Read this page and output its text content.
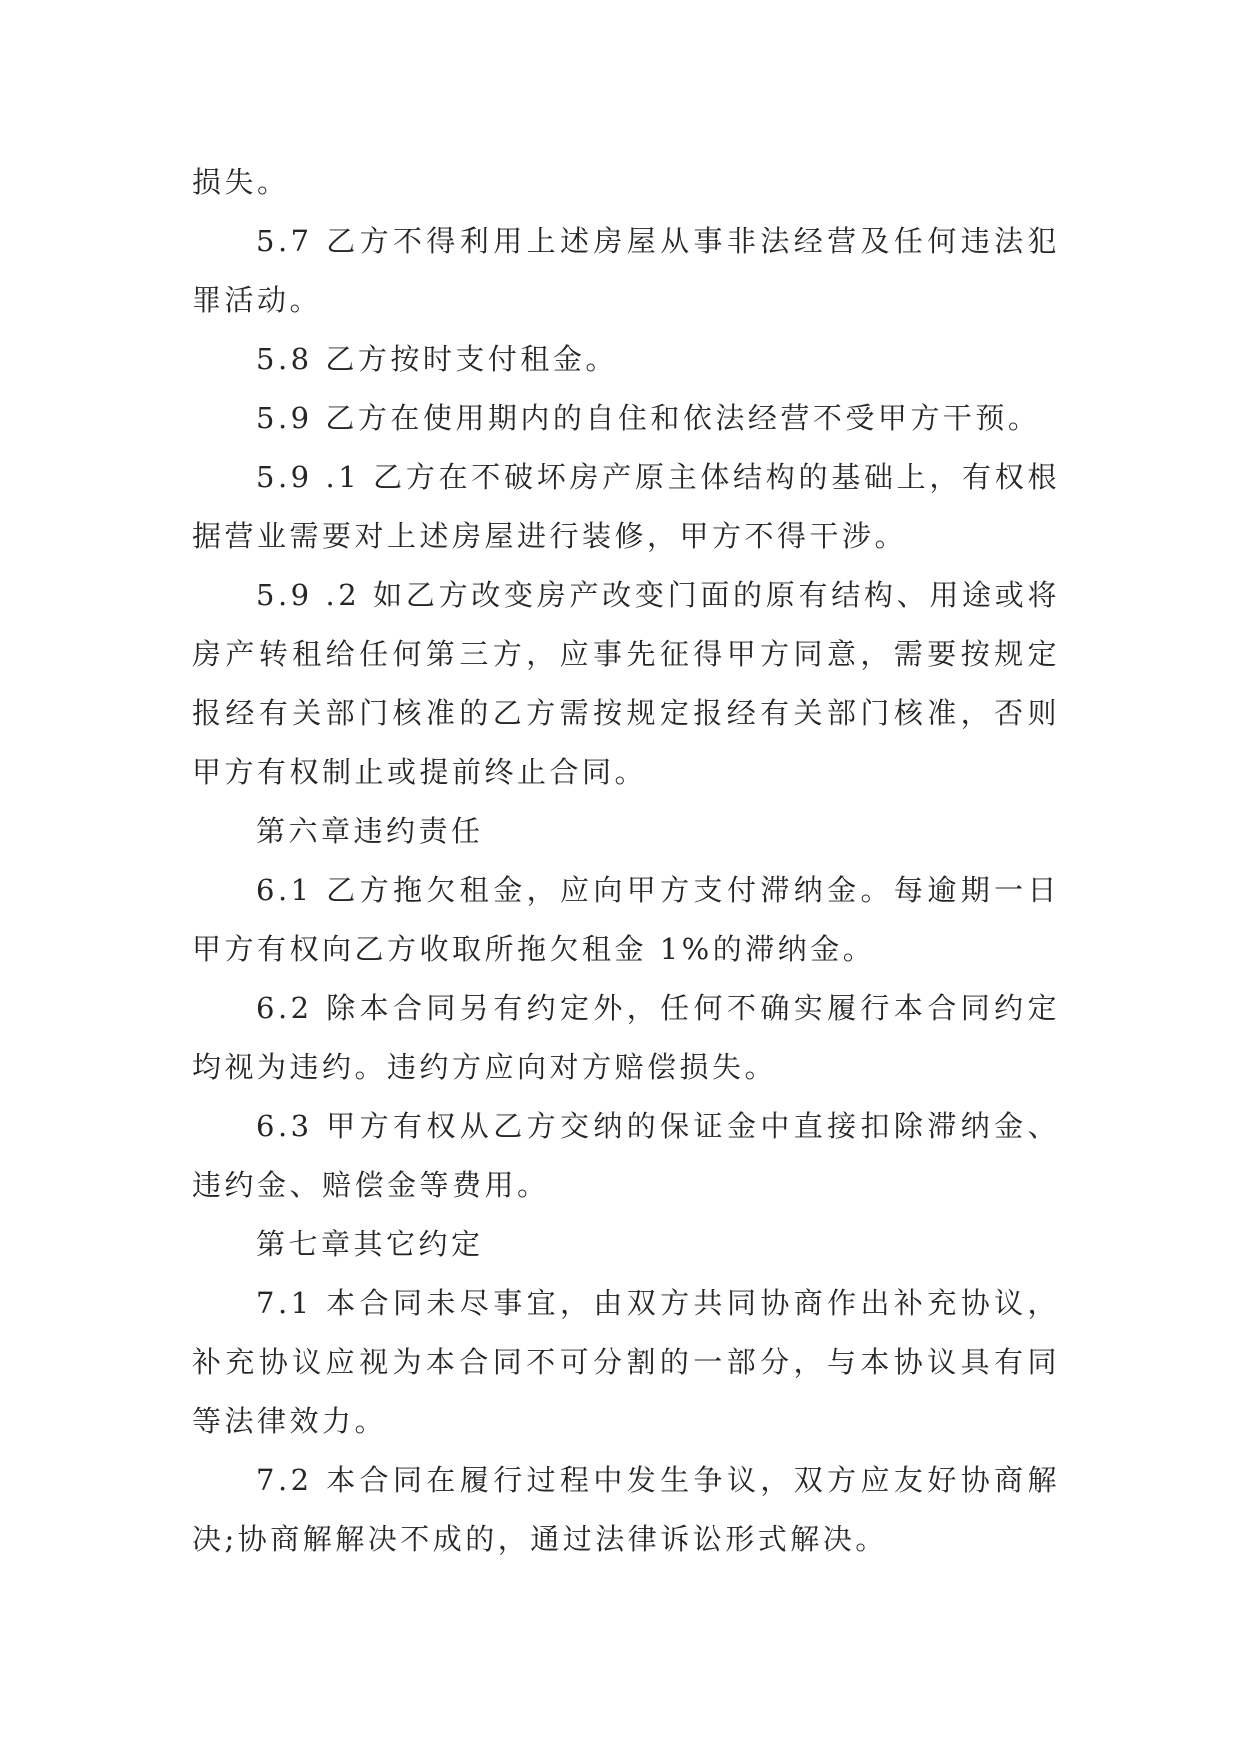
损失。

5.7 乙方不得利用上述房屋从事非法经营及任何违法犯罪活动。

5.8 乙方按时支付租金。

5.9 乙方在使用期内的自住和依法经营不受甲方干预。

5.9 .1 乙方在不破坏房产原主体结构的基础上，有权根据营业需要对上述房屋进行装修，甲方不得干涉。

5.9 .2 如乙方改变房产改变门面的原有结构、用途或将房产转租给任何第三方，应事先征得甲方同意，需要按规定报经有关部门核准的乙方需按规定报经有关部门核准，否则甲方有权制止或提前终止合同。

第六章违约责任

6.1 乙方拖欠租金，应向甲方支付滞纳金。每逾期一日甲方有权向乙方收取所拖欠租金 1%的滞纳金。

6.2 除本合同另有约定外，任何不确实履行本合同约定均视为违约。违约方应向对方赔偿损失。

6.3 甲方有权从乙方交纳的保证金中直接扣除滞纳金、违约金、赔偿金等费用。

第七章其它约定

7.1 本合同未尽事宜，由双方共同协商作出补充协议，补充协议应视为本合同不可分割的一部分，与本协议具有同等法律效力。

7.2 本合同在履行过程中发生争议，双方应友好协商解决;协商解解决不成的，通过法律诉讼形式解决。
